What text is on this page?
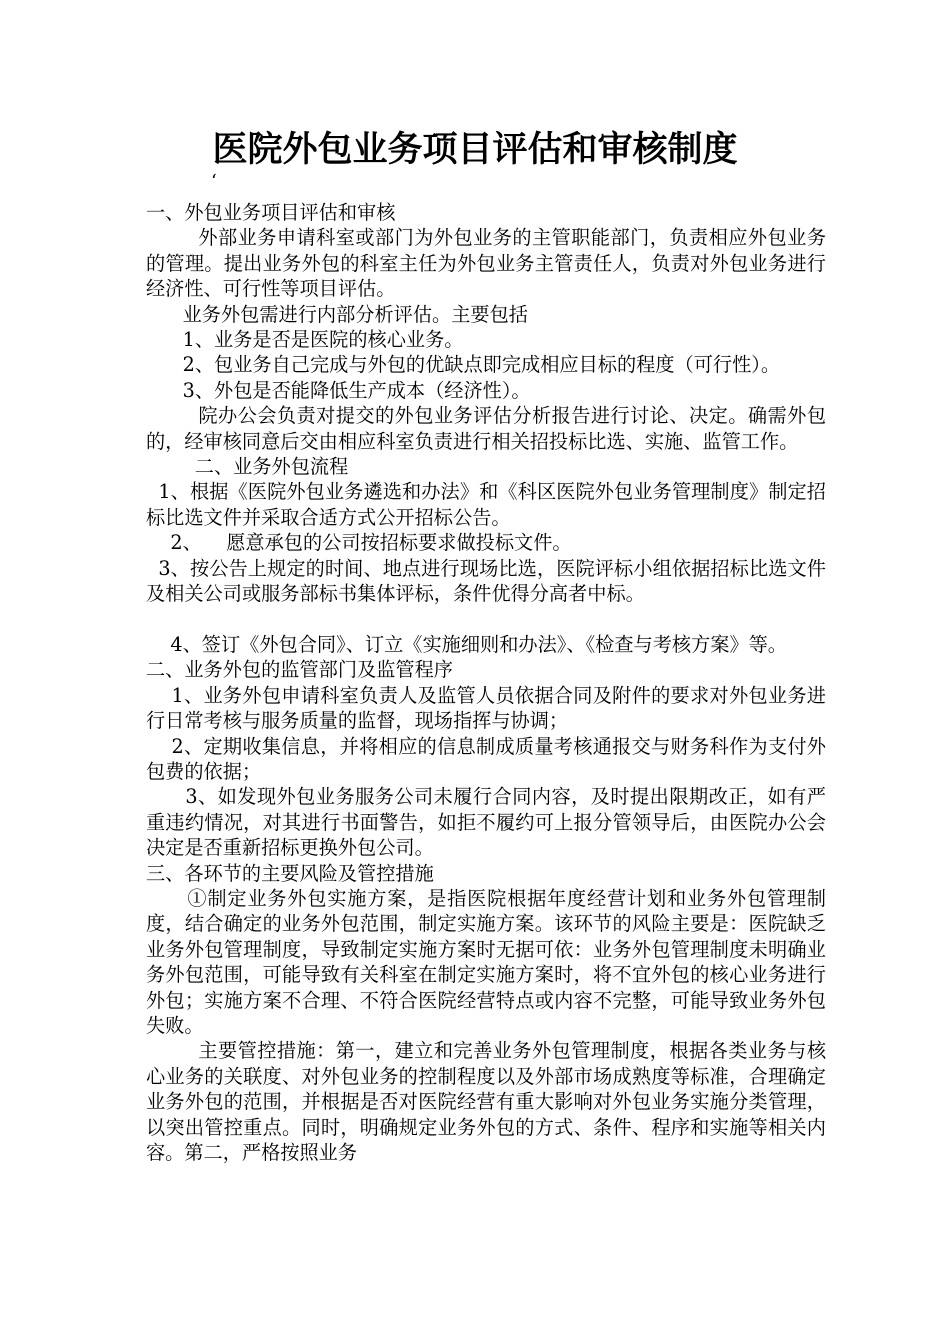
医院外包业务项目评估和审核制度
‘

一、外包业务项目评估和审核

外部业务申请科室或部门为外包业务的主管职能部门，负责相应外包业务的管理。提出业务外包的科室主任为外包业务主管责任人，负责对外包业务进行经济性、可行性等项目评估。

业务外包需进行内部分析评估。主要包括

1、业务是否是医院的核心业务。

2、包业务自己完成与外包的优缺点即完成相应目标的程度（可行性）。

3、外包是否能降低生产成本（经济性）。

院办公会负责对提交的外包业务评估分析报告进行讨论、决定。确需外包的，经审核同意后交由相应科室负责进行相关招投标比选、实施、监管工作。

二、业务外包流程

1、根据《医院外包业务遴选和办法》和《科区医院外包业务管理制度》制定招标比选文件并采取合适方式公开招标公告。

2、    愿意承包的公司按招标要求做投标文件。

3、按公告上规定的时间、地点进行现场比选，医院评标小组依据招标比选文件及相关公司或服务部标书集体评标，条件优得分高者中标。

4、签订《外包合同》、订立《实施细则和办法》、《检查与考核方案》等。

二、业务外包的监管部门及监管程序

1、业务外包申请科室负责人及监管人员依据合同及附件的要求对外包业务进行日常考核与服务质量的监督，现场指挥与协调；

2、定期收集信息，并将相应的信息制成质量考核通报交与财务科作为支付外包费的依据；

3、如发现外包业务服务公司未履行合同内容，及时提出限期改正，如有严重违约情况，对其进行书面警告，如拒不履约可上报分管领导后，由医院办公会决定是否重新招标更换外包公司。

三、各环节的主要风险及管控措施

①制定业务外包实施方案，是指医院根据年度经营计划和业务外包管理制度，结合确定的业务外包范围，制定实施方案。该环节的风险主要是：医院缺乏业务外包管理制度，导致制定实施方案时无据可依：业务外包管理制度未明确业务外包范围，可能导致有关科室在制定实施方案时，将不宜外包的核心业务进行外包；实施方案不合理、不符合医院经营特点或内容不完整，可能导致业务外包失败。

主要管控措施：第一，建立和完善业务外包管理制度，根据各类业务与核心业务的关联度、对外包业务的控制程度以及外部市场成熟度等标准，合理确定业务外包的范围，并根据是否对医院经营有重大影响对外包业务实施分类管理，以突出管控重点。同时，明确规定业务外包的方式、条件、程序和实施等相关内容。第二，严格按照业务
